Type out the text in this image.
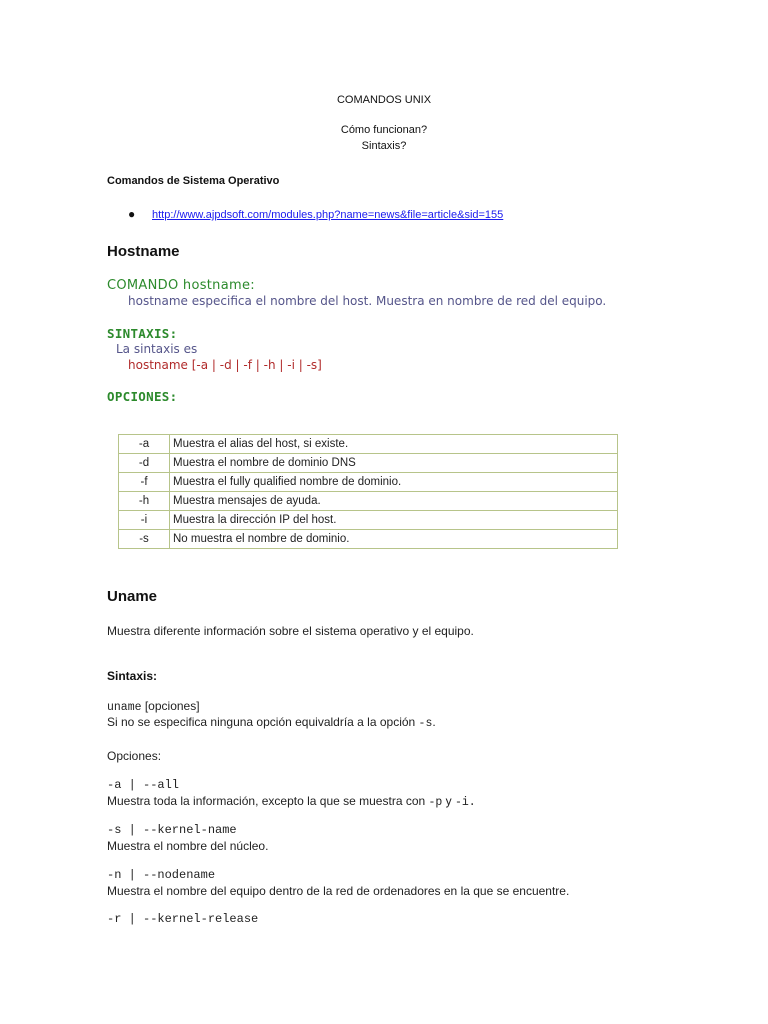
COMANDOS UNIX
Cómo funcionan?
Sintaxis?
Comandos de Sistema Operativo
● http://www.ajpdsoft.com/modules.php?name=news&file=article&sid=155
Hostname
COMANDO hostname:
hostname especifica el nombre del host. Muestra en nombre de red del equipo.
SINTAXIS:
La sintaxis es
hostname [-a | -d | -f | -h | -i | -s]
OPCIONES:
-a	Muestra el alias del host, si existe.
-d	Muestra el nombre de dominio DNS
-f	Muestra el fully qualified nombre de dominio.
-h	Muestra mensajes de ayuda.
-i	Muestra la dirección IP del host.
-s	No muestra el nombre de dominio.
Uname
Muestra diferente información sobre el sistema operativo y el equipo.
Sintaxis:
uname [opciones]
Si no se especifica ninguna opción equivaldría a la opción -s.
Opciones:
-a | --all
Muestra toda la información, excepto la que se muestra con -p y -i.
-s | --kernel-name
Muestra el nombre del núcleo.
-n | --nodename
Muestra el nombre del equipo dentro de la red de ordenadores en la que se encuentre.
-r | --kernel-release
